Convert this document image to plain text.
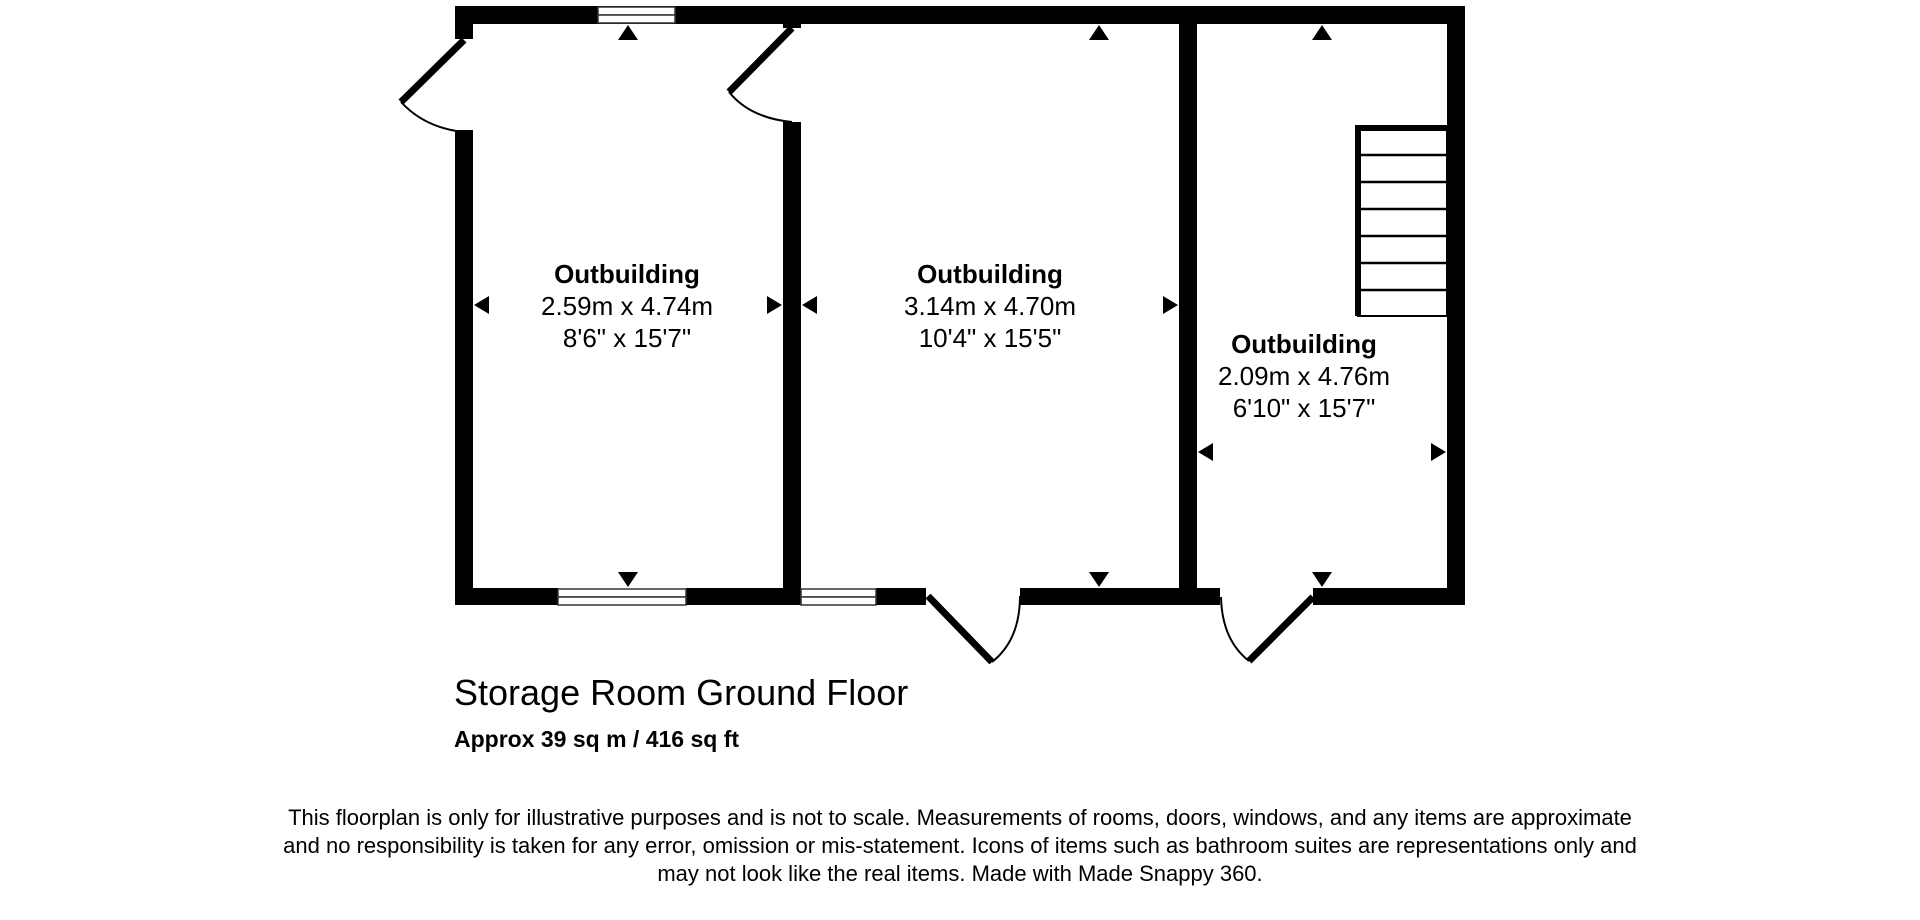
Outbuilding
2.59m x 4.74m
8'6" x 15'7"
Outbuilding
3.14m x 4.70m
10'4" x 15'5"	Outbuilding
2.09m x 4.76m
6'10" x 15'7"
Storage Room Ground Floor
Approx 39 sq m / 416 sq ft
This floorplan is only for illustrative purposes and is not to scale. Measurements of rooms, doors, windows, and any items are approximate
and no responsibility is taken for any error, omission or mis-statement. Icons of items such as bathroom suites are representations only and
may not look like the real items. Made with Made Snappy 360.
